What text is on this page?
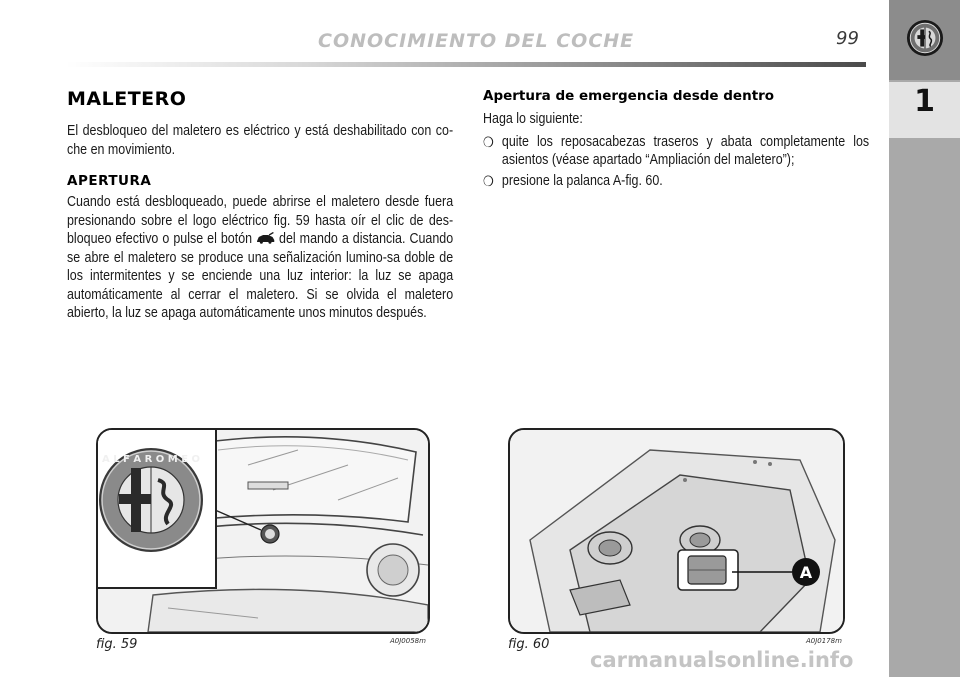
CONOCIMIENTO DEL COCHE	99
1
MALETERO

El desbloqueo del maletero es eléctrico y está deshabilitado con co-che en movimiento.

APERTURA

Cuando está desbloqueado, puede abrirse el maletero desde fuera presionando sobre el logo eléctrico fig. 59 hasta oír el clic de des-bloqueo efectivo o pulse el botón del mando a distancia. Cuando se abre el maletero se produce una señalización lumino-sa doble de los intermitentes y se enciende una luz interior: la luz se apaga automáticamente al cerrar el maletero. Si se olvida el maletero abierto, la luz se apaga automáticamente unos minutos después.

Apertura de emergencia desde dentro
Haga lo siguiente:
❍ quite los reposacabezas traseros y abata completamente los asientos (véase apartado “Ampliación del maletero”);
❍ presione la palanca A-fig. 60.
A L F A R O M E O
fig. 59	A0J0058m
A
fig. 60	A0J0178m
carmanualsonline.info
